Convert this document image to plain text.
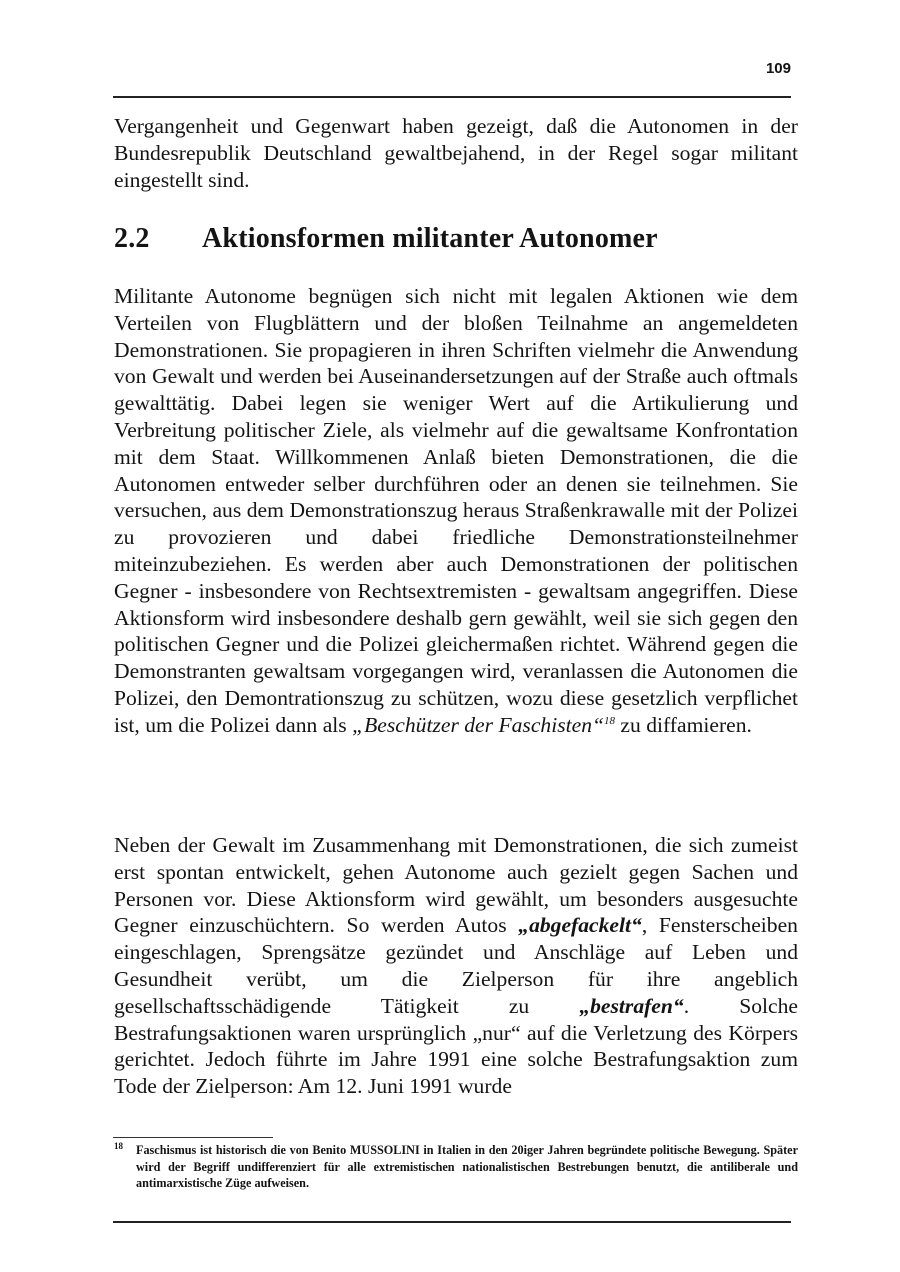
109

Vergangenheit und Gegenwart haben gezeigt, daß die Autonomen in der Bundesrepublik Deutschland gewaltbejahend, in der Regel sogar militant eingestellt sind.

2.2 Aktionsformen militanter Autonomer

Militante Autonome begnügen sich nicht mit legalen Aktionen wie dem Verteilen von Flugblättern und der bloßen Teilnahme an angemeldeten Demonstrationen. Sie propagieren in ihren Schriften vielmehr die Anwendung von Gewalt und werden bei Auseinandersetzungen auf der Straße auch oftmals gewalttätig. Dabei legen sie weniger Wert auf die Artikulierung und Verbreitung politischer Ziele, als vielmehr auf die gewaltsame Konfrontation mit dem Staat. Willkommenen Anlaß bieten Demonstrationen, die die Autonomen entweder selber durchführen oder an denen sie teilnehmen. Sie versuchen, aus dem Demonstrationszug heraus Straßenkrawalle mit der Polizei zu provozieren und dabei friedliche Demonstrationsteilnehmer miteinzubeziehen. Es werden aber auch Demonstrationen der politischen Gegner - insbesondere von Rechtsextremisten - gewaltsam angegriffen. Diese Aktionsform wird insbesondere deshalb gern gewählt, weil sie sich gegen den politischen Gegner und die Polizei gleichermaßen richtet. Während gegen die Demonstranten gewaltsam vorgegangen wird, veranlassen die Autonomen die Polizei, den Demontrationszug zu schützen, wozu diese gesetzlich verpflichet ist, um die Polizei dann als „Beschützer der Faschisten“$^{18}$ zu diffamieren.

Neben der Gewalt im Zusammenhang mit Demonstrationen, die sich zumeist erst spontan entwickelt, gehen Autonome auch gezielt gegen Sachen und Personen vor. Diese Aktionsform wird gewählt, um besonders ausgesuchte Gegner einzuschüchtern. So werden Autos „abgefackelt“, Fensterscheiben eingeschlagen, Sprengsätze gezündet und Anschläge auf Leben und Gesundheit verübt, um die Zielperson für ihre angeblich gesellschaftsschädigende Tätigkeit zu „bestrafen“. Solche Bestrafungsaktionen waren ursprünglich „nur“ auf die Verletzung des Körpers gerichtet. Jedoch führte im Jahre 1991 eine solche Bestrafungsaktion zum Tode der Zielperson: Am 12. Juni 1991 wurde

$^{18}$	Faschismus ist historisch die von Benito MUSSOLINI in Italien in den 20iger Jahren begründete politische Bewegung. Später wird der Begriff undifferenziert für alle extremistischen nationalistischen Bestrebungen benutzt, die antiliberale und antimarxistische Züge aufweisen.
